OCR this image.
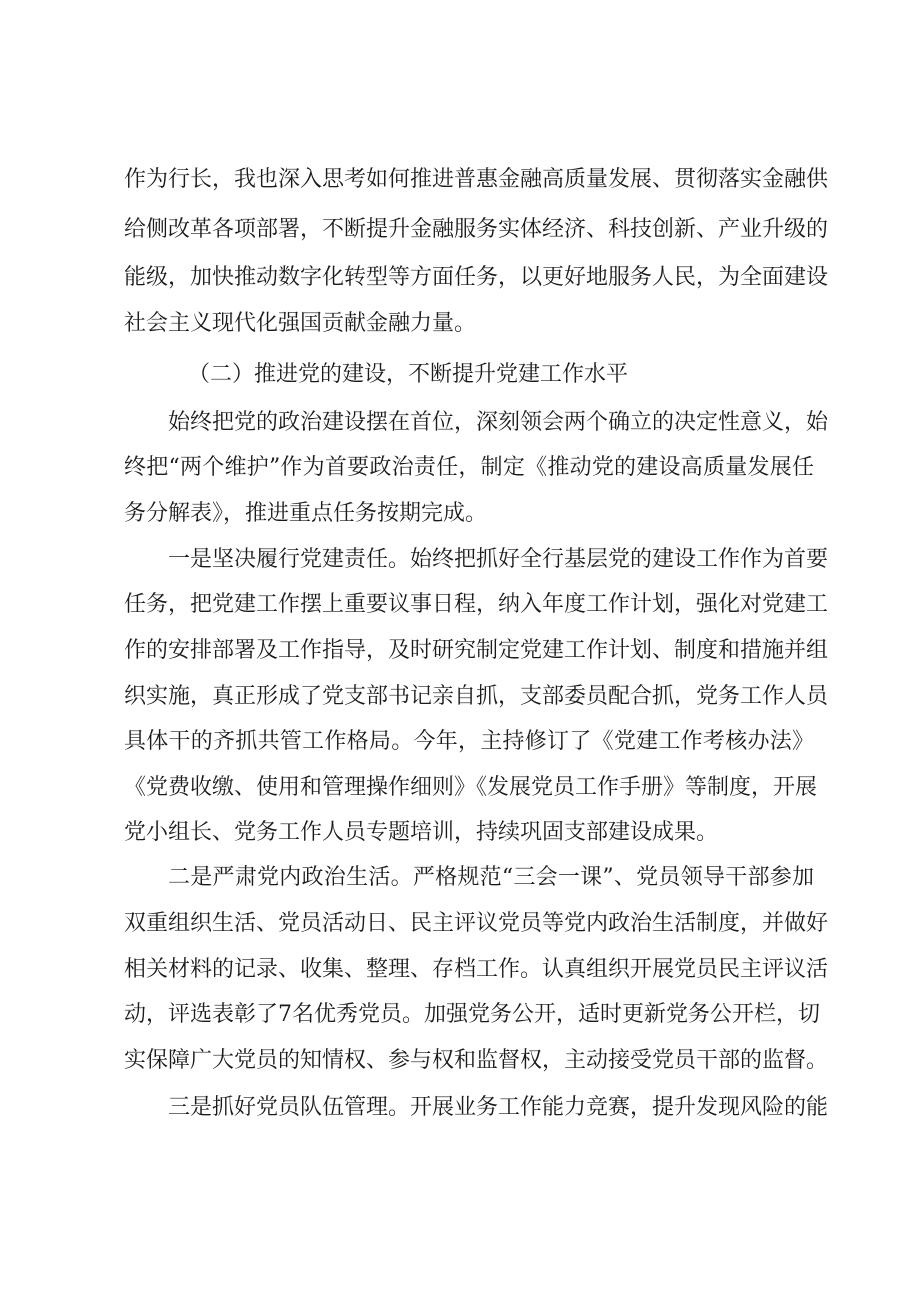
作为行长，我也深入思考如何推进普惠金融高质量发展、贯彻落实金融供
给侧改革各项部署，不断提升金融服务实体经济、科技创新、产业升级的
能级，加快推动数字化转型等方面任务，以更好地服务人民，为全面建设
社会主义现代化强国贡献金融力量。
（二）推进党的建设，不断提升党建工作水平
始终把党的政治建设摆在首位，深刻领会两个确立的决定性意义，始
终把“两个维护”作为首要政治责任，制定《推动党的建设高质量发展任
务分解表》，推进重点任务按期完成。
一是坚决履行党建责任。始终把抓好全行基层党的建设工作作为首要
任务，把党建工作摆上重要议事日程，纳入年度工作计划，强化对党建工
作的安排部署及工作指导，及时研究制定党建工作计划、制度和措施并组
织实施，真正形成了党支部书记亲自抓，支部委员配合抓，党务工作人员
具体干的齐抓共管工作格局。今年，主持修订了《党建工作考核办法》
《党费收缴、使用和管理操作细则》《发展党员工作手册》等制度，开展
党小组长、党务工作人员专题培训，持续巩固支部建设成果。
二是严肃党内政治生活。严格规范“三会一课”、党员领导干部参加
双重组织生活、党员活动日、民主评议党员等党内政治生活制度，并做好
相关材料的记录、收集、整理、存档工作。认真组织开展党员民主评议活
动，评选表彰了7名优秀党员。加强党务公开，适时更新党务公开栏，切
实保障广大党员的知情权、参与权和监督权，主动接受党员干部的监督。
三是抓好党员队伍管理。开展业务工作能力竞赛，提升发现风险的能
